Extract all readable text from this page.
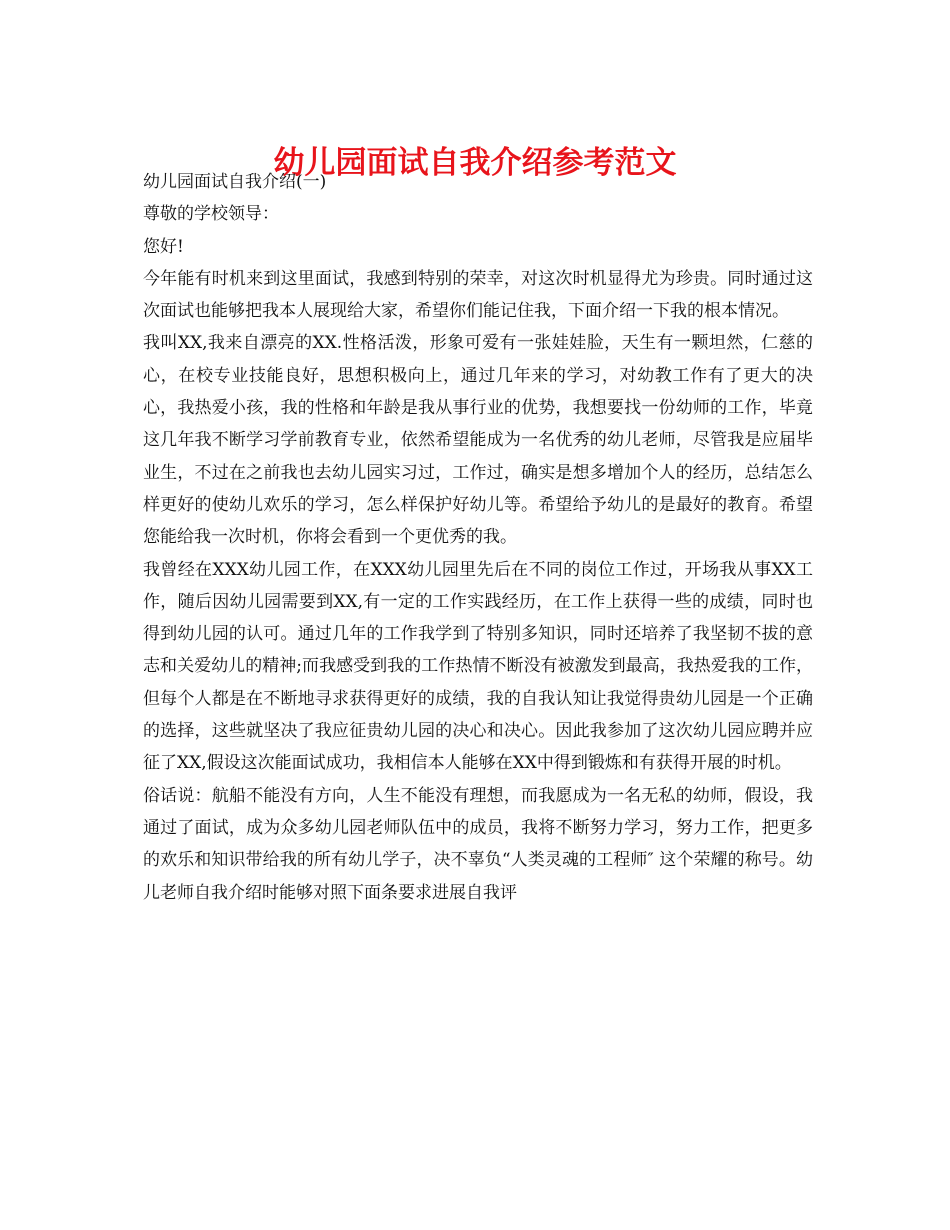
幼儿园面试自我介绍参考范文

幼儿园面试自我介绍(一)

尊敬的学校领导：

您好!

今年能有时机来到这里面试，我感到特别的荣幸，对这次时机显得尤为珍贵。同时通过这次面试也能够把我本人展现给大家，希望你们能记住我，下面介绍一下我的根本情况。

我叫XX,我来自漂亮的XX.性格活泼，形象可爱有一张娃娃脸，天生有一颗坦然，仁慈的心，在校专业技能良好，思想积极向上，通过几年来的学习，对幼教工作有了更大的决心，我热爱小孩，我的性格和年龄是我从事行业的优势，我想要找一份幼师的工作，毕竟这几年我不断学习学前教育专业，依然希望能成为一名优秀的幼儿老师，尽管我是应届毕业生，不过在之前我也去幼儿园实习过，工作过，确实是想多增加个人的经历，总结怎么样更好的使幼儿欢乐的学习，怎么样保护好幼儿等。希望给予幼儿的是最好的教育。希望您能给我一次时机，你将会看到一个更优秀的我。

我曾经在XXX幼儿园工作，在XXX幼儿园里先后在不同的岗位工作过，开场我从事XX工作，随后因幼儿园需要到XX,有一定的工作实践经历，在工作上获得一些的成绩，同时也得到幼儿园的认可。通过几年的工作我学到了特别多知识，同时还培养了我坚韧不拔的意志和关爱幼儿的精神;而我感受到我的工作热情不断没有被激发到最高，我热爱我的工作，但每个人都是在不断地寻求获得更好的成绩，我的自我认知让我觉得贵幼儿园是一个正确的选择，这些就坚决了我应征贵幼儿园的决心和决心。因此我参加了这次幼儿园应聘并应征了XX,假设这次能面试成功，我相信本人能够在XX中得到锻炼和有获得开展的时机。

俗话说：航船不能没有方向，人生不能没有理想，而我愿成为一名无私的幼师，假设，我通过了面试，成为众多幼儿园老师队伍中的成员，我将不断努力学习，努力工作，把更多的欢乐和知识带给我的所有幼儿学子，决不辜负“人类灵魂的工程师″ 这个荣耀的称号。幼儿老师自我介绍时能够对照下面条要求进展自我评
